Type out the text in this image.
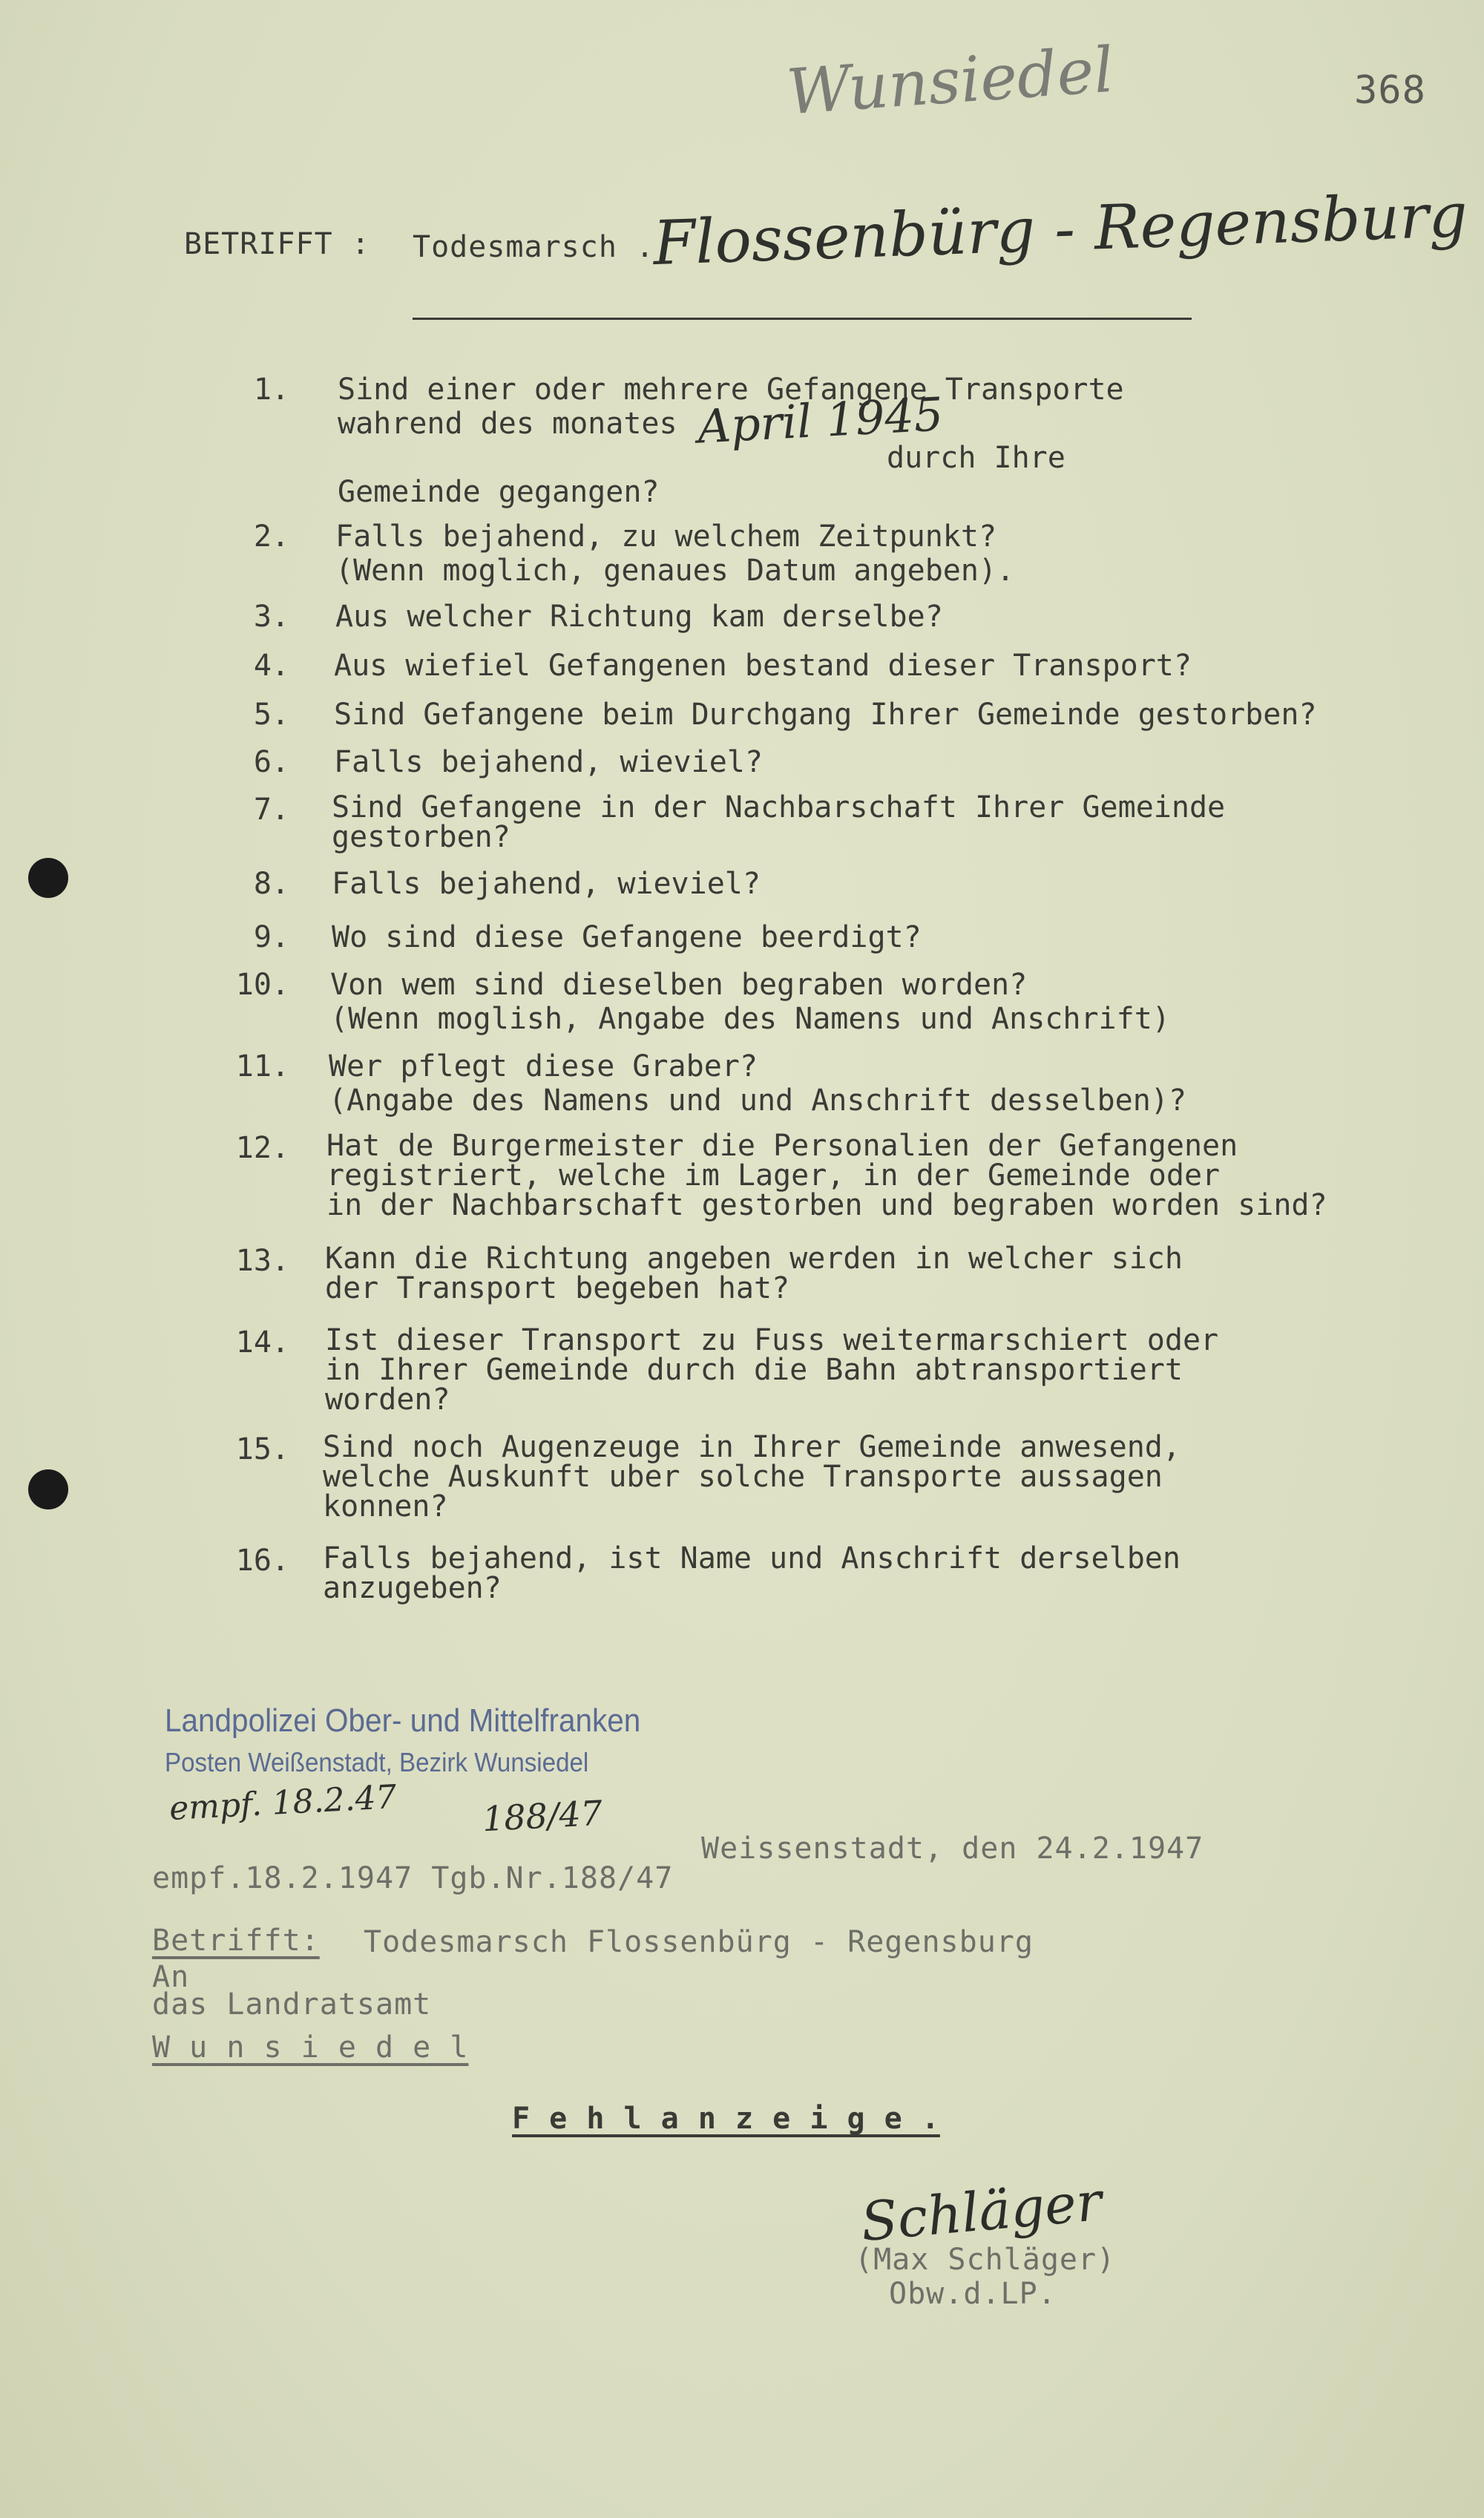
Wunsiedel	368
BETRIFFT : Todesmarsch ..
Flossenbürg - Regensburg
1. Sind einer oder mehrere Gefangene Transporte
wahrend des monates April 1945
durch Ihre
Gemeinde gegangen?
2. Falls bejahend, zu welchem Zeitpunkt?
(Wenn moglich, genaues Datum angeben).
3. Aus welcher Richtung kam derselbe?
4. Aus wiefiel Gefangenen bestand dieser Transport?
5. Sind Gefangene beim Durchgang Ihrer Gemeinde gestorben?
6. Falls bejahend, wieviel?
7. Sind Gefangene in der Nachbarschaft Ihrer Gemeinde
gestorben?
8. Falls bejahend, wieviel?
9. Wo sind diese Gefangene beerdigt?
10. Von wem sind dieselben begraben worden?
(Wenn moglish, Angabe des Namens und Anschrift)
11. Wer pflegt diese Graber?
(Angabe des Namens und und Anschrift desselben)?
12. Hat de Burgermeister die Personalien der Gefangenen
registriert, welche im Lager, in der Gemeinde oder
in der Nachbarschaft gestorben und begraben worden sind?
13. Kann die Richtung angeben werden in welcher sich
der Transport begeben hat?
14. Ist dieser Transport zu Fuss weitermarschiert oder
in Ihrer Gemeinde durch die Bahn abtransportiert
worden?
15. Sind noch Augenzeuge in Ihrer Gemeinde anwesend,
welche Auskunft uber solche Transporte aussagen
konnen?
16. Falls bejahend, ist Name und Anschrift derselben
anzugeben?
Landpolizei Ober- und Mittelfranken
Posten Weißenstadt, Bezirk Wunsiedel
empf. 18.2.47 188/47
Weissenstadt, den 24.2.1947
empf.18.2.1947 Tgb.Nr.188/47
Betrifft: Todesmarsch Flossenbürg - Regensburg
An
das Landratsamt
W u n s i e d e l
F e h l a n z e i g e .
Schläger
(Max Schläger)
Obw.d.LP.
